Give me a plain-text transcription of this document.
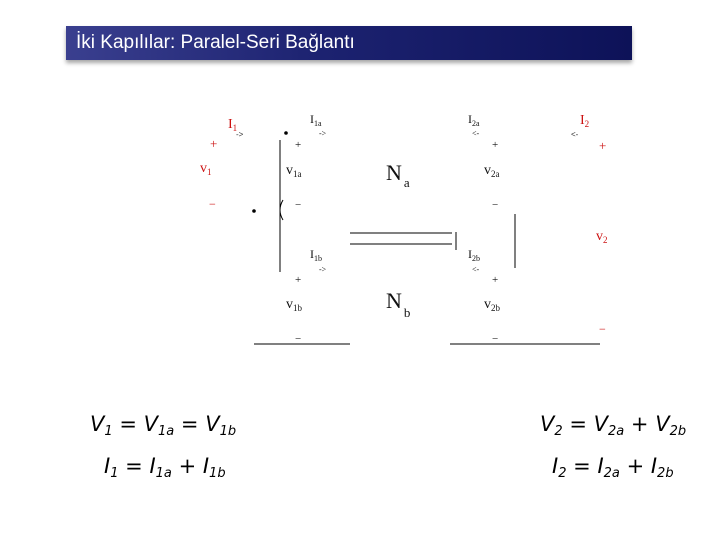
İki Kapılılar: Paralel-Seri Bağlantı
$I_1$
+
$v_1$
−
->
$I_2$
+
$v_2$
−
<-
$I_{1a}$
->
+
$v_{1a}$
−
N $_a$
$I_{2a}$
<-
+
$v_{2a}$
−
$I_{1b}$
->
+
$v_{1b}$
−
N $_b$
$I_{2b}$
<-
+
$v_{2b}$
−
$V_1 = V_{1a} = V_{1b}$
$I_1 = I_{1a} + I_{1b}$
$V_2 = V_{2a} + V_{2b}$
$I_2 = I_{2a} + I_{2b}$
